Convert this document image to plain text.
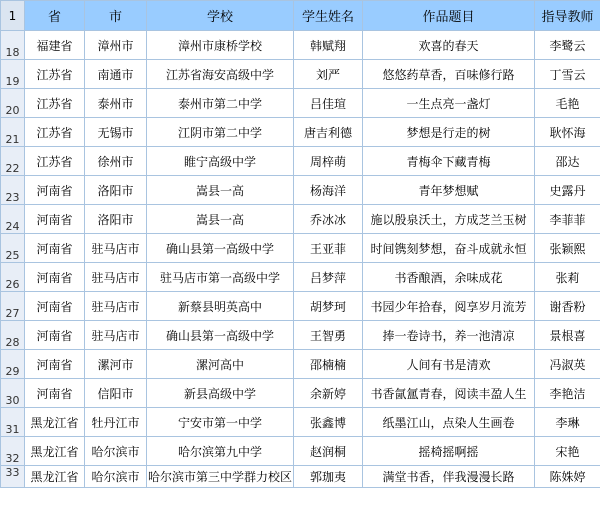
1	省	市	学校	学生姓名	作品题目	指导教师
18	福建省	漳州市	漳州市康桥学校	韩赋翔	欢喜的春天	李鹭云
19	江苏省	南通市	江苏省海安高级中学	刘严	悠悠药草香，百味修行路	丁雪云
20	江苏省	泰州市	泰州市第二中学	吕佳瑄	一生点亮一盏灯	毛艳
21	江苏省	无锡市	江阴市第二中学	唐吉利德	梦想是行走的树	耿怀海
22	江苏省	徐州市	睢宁高级中学	周梓萌	青梅伞下藏青梅	邵达
23	河南省	洛阳市	嵩县一高	杨海洋	青年梦想赋	史露丹
24	河南省	洛阳市	嵩县一高	乔冰冰	施以殷泉沃土，方成芝兰玉树	李菲菲
25	河南省	驻马店市	确山县第一高级中学	王亚菲	时间镌刻梦想，奋斗成就永恒	张颖熙
26	河南省	驻马店市	驻马店市第一高级中学	吕梦萍	书香酿酒，余味成花	张莉
27	河南省	驻马店市	新蔡县明英高中	胡梦珂	书园少年拾春，阅享岁月流芳	谢香粉
28	河南省	驻马店市	确山县第一高级中学	王智勇	捧一卷诗书，养一池清凉	景根喜
29	河南省	漯河市	漯河高中	邵楠楠	人间有书是清欢	冯淑英
30	河南省	信阳市	新县高级中学	余新婷	书香氤氲青春，阅读丰盈人生	李艳洁
31	黑龙江省	牡丹江市	宁安市第一中学	张鑫博	纸墨江山，点染人生画卷	李琳
32	黑龙江省	哈尔滨市	哈尔滨第九中学	赵润桐	摇椅摇啊摇	宋艳
33	黑龙江省	哈尔滨市	哈尔滨市第三中学群力校区	郭珈夷	满堂书香，伴我漫漫长路	陈姝婷
